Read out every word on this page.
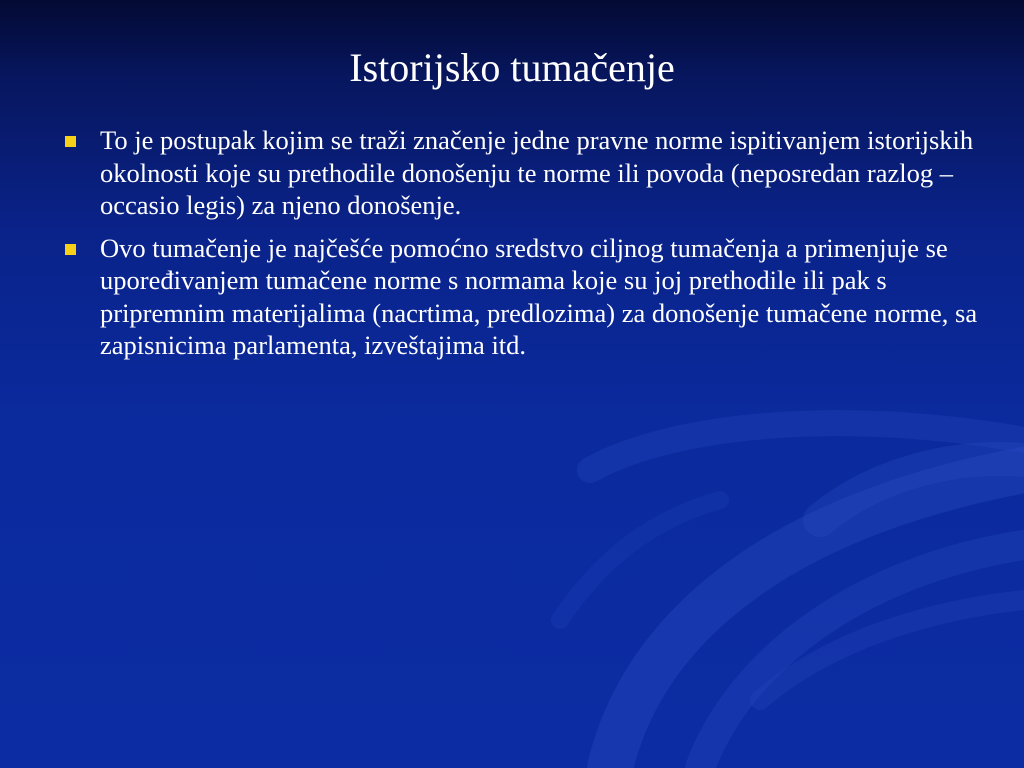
Istorijsko tumačenje
To je postupak kojim se traži značenje jedne pravne norme ispitivanjem istorijskih okolnosti koje su prethodile donošenju te norme ili povoda (neposredan razlog – occasio legis) za njeno donošenje.
Ovo tumačenje je najčešće pomoćno sredstvo ciljnog tumačenja a primenjuje se upoređivanjem tumačene norme s normama koje su joj prethodile ili pak s pripremnim materijalima (nacrtima, predlozima) za donošenje tumačene norme, sa zapisnicima parlamenta, izveštajima itd.
